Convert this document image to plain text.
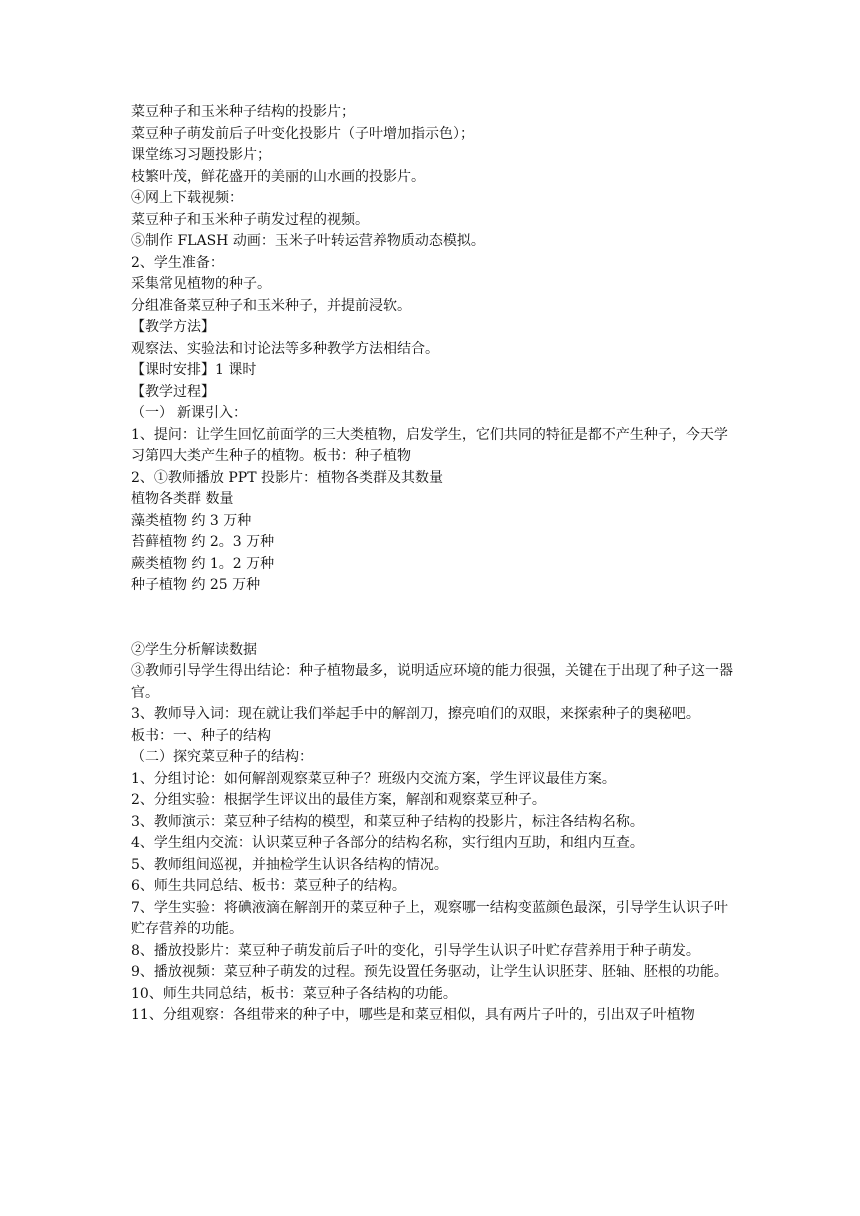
菜豆种子和玉米种子结构的投影片；
菜豆种子萌发前后子叶变化投影片（子叶增加指示色）；
课堂练习习题投影片；
枝繁叶茂，鲜花盛开的美丽的山水画的投影片。
④网上下载视频：
菜豆种子和玉米种子萌发过程的视频。
⑤制作 FLASH 动画：玉米子叶转运营养物质动态模拟。
2、学生准备：
采集常见植物的种子。
分组准备菜豆种子和玉米种子，并提前浸软。
【教学方法】
观察法、实验法和讨论法等多种教学方法相结合。
【课时安排】1 课时
【教学过程】
（一） 新课引入：
1、提问：让学生回忆前面学的三大类植物，启发学生，它们共同的特征是都不产生种子，今天学习第四大类产生种子的植物。板书：种子植物
2、①教师播放 PPT 投影片：植物各类群及其数量
植物各类群 数量
藻类植物 约 3 万种
苔藓植物 约 2。3 万种
蕨类植物 约 1。2 万种
种子植物 约 25 万种
②学生分析解读数据
③教师引导学生得出结论：种子植物最多，说明适应环境的能力很强，关键在于出现了种子这一器官。
3、教师导入词：现在就让我们举起手中的解剖刀，擦亮咱们的双眼，来探索种子的奥秘吧。
板书：一、种子的结构
（二）探究菜豆种子的结构：
1、分组讨论：如何解剖观察菜豆种子？班级内交流方案，学生评议最佳方案。
2、分组实验：根据学生评议出的最佳方案，解剖和观察菜豆种子。
3、教师演示：菜豆种子结构的模型，和菜豆种子结构的投影片，标注各结构名称。
4、学生组内交流：认识菜豆种子各部分的结构名称，实行组内互助，和组内互查。
5、教师组间巡视，并抽检学生认识各结构的情况。
6、师生共同总结、板书：菜豆种子的结构。
7、学生实验：将碘液滴在解剖开的菜豆种子上，观察哪一结构变蓝颜色最深，引导学生认识子叶贮存营养的功能。
8、播放投影片：菜豆种子萌发前后子叶的变化，引导学生认识子叶贮存营养用于种子萌发。
9、播放视频：菜豆种子萌发的过程。预先设置任务驱动，让学生认识胚芽、胚轴、胚根的功能。
10、师生共同总结，板书：菜豆种子各结构的功能。
11、分组观察：各组带来的种子中，哪些是和菜豆相似，具有两片子叶的，引出双子叶植物
